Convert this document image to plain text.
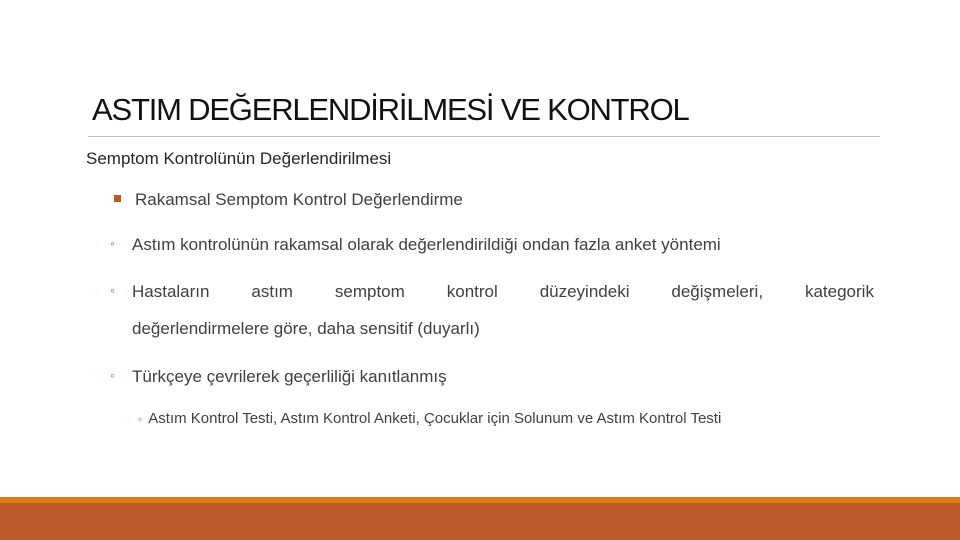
ASTIM DEĞERLENDİRİLMESİ VE KONTROL
Semptom Kontrolünün Değerlendirilmesi
Rakamsal Semptom Kontrol Değerlendirme
◦ Astım kontrolünün rakamsal olarak değerlendirildiği ondan fazla anket yöntemi
◦ Hastaların astım semptom kontrol düzeyindeki değişmeleri, kategorik
değerlendirmelere göre, daha sensitif (duyarlı)
◦ Türkçeye çevrilerek geçerliliği kanıtlanmış
◦ Astım Kontrol Testi, Astım Kontrol Anketi, Çocuklar için Solunum ve Astım Kontrol Testi
